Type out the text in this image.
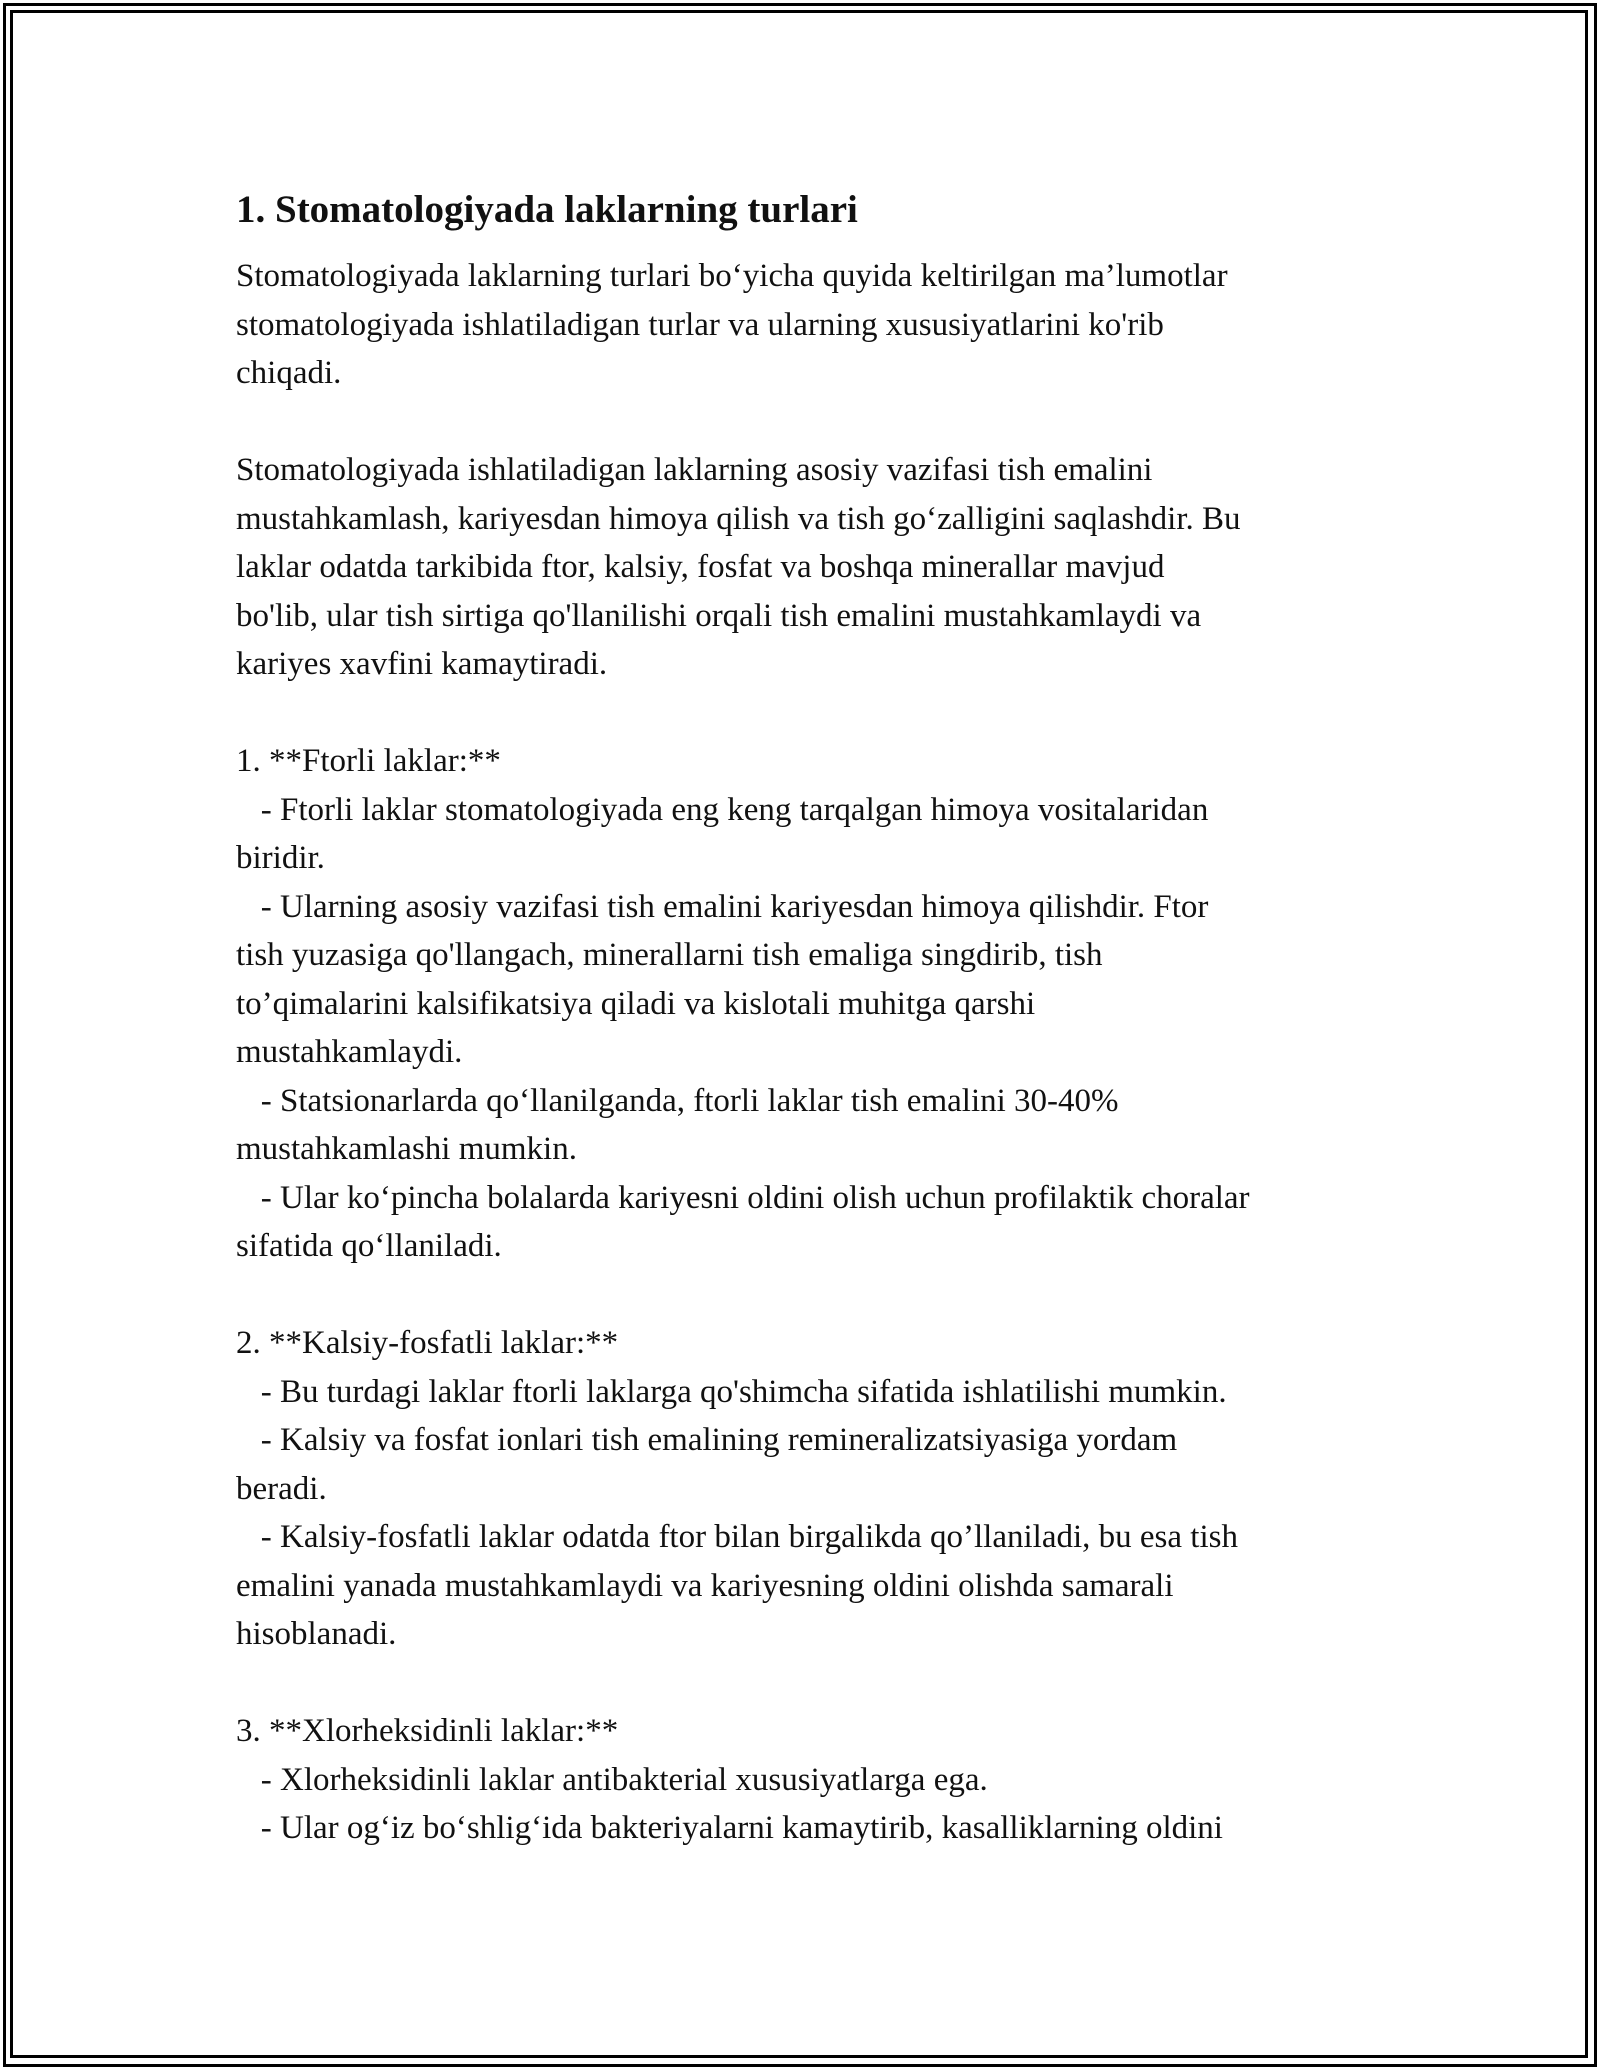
1. Stomatologiyada laklarning turlari

Stomatologiyada laklarning turlari bo‘yicha quyida keltirilgan ma’lumotlar
stomatologiyada ishlatiladigan turlar va ularning xususiyatlarini ko'rib
chiqadi.

Stomatologiyada ishlatiladigan laklarning asosiy vazifasi tish emalini
mustahkamlash, kariyesdan himoya qilish va tish go‘zalligini saqlashdir. Bu
laklar odatda tarkibida ftor, kalsiy, fosfat va boshqa minerallar mavjud
bo'lib, ular tish sirtiga qo'llanilishi orqali tish emalini mustahkamlaydi va
kariyes xavfini kamaytiradi.

1. **Ftorli laklar:**
- Ftorli laklar stomatologiyada eng keng tarqalgan himoya vositalaridan
biridir.
- Ularning asosiy vazifasi tish emalini kariyesdan himoya qilishdir. Ftor
tish yuzasiga qo'llangach, minerallarni tish emaliga singdirib, tish
to’qimalarini kalsifikatsiya qiladi va kislotali muhitga qarshi
mustahkamlaydi.
- Statsionarlarda qo‘llanilganda, ftorli laklar tish emalini 30-40%
mustahkamlashi mumkin.
- Ular ko‘pincha bolalarda kariyesni oldini olish uchun profilaktik choralar
sifatida qo‘llaniladi.

2. **Kalsiy-fosfatli laklar:**
- Bu turdagi laklar ftorli laklarga qo'shimcha sifatida ishlatilishi mumkin.
- Kalsiy va fosfat ionlari tish emalining remineralizatsiyasiga yordam
beradi.
- Kalsiy-fosfatli laklar odatda ftor bilan birgalikda qo’llaniladi, bu esa tish
emalini yanada mustahkamlaydi va kariyesning oldini olishda samarali
hisoblanadi.

3. **Xlorheksidinli laklar:**
- Xlorheksidinli laklar antibakterial xususiyatlarga ega.
- Ular og‘iz bo‘shlig‘ida bakteriyalarni kamaytirib, kasalliklarning oldini
